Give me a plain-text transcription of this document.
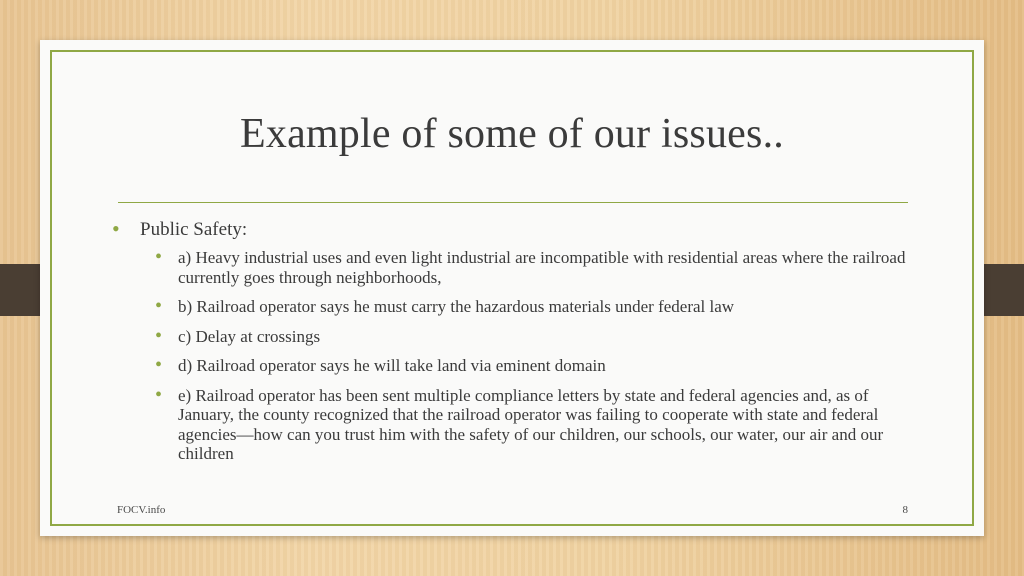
Example of some of our issues..
• Public Safety:
• a) Heavy industrial uses and even light industrial are incompatible with residential areas where the railroad currently goes through neighborhoods,
• b) Railroad operator says he must carry the hazardous materials under federal law
• c) Delay at crossings
• d) Railroad operator says he will take land via eminent domain
• e) Railroad operator has been sent multiple compliance letters by state and federal agencies and, as of January, the county recognized that the railroad operator was failing to cooperate with state and federal agencies—how can you trust him with the safety of our children, our schools, our water, our air and our children
FOCV.info	8
